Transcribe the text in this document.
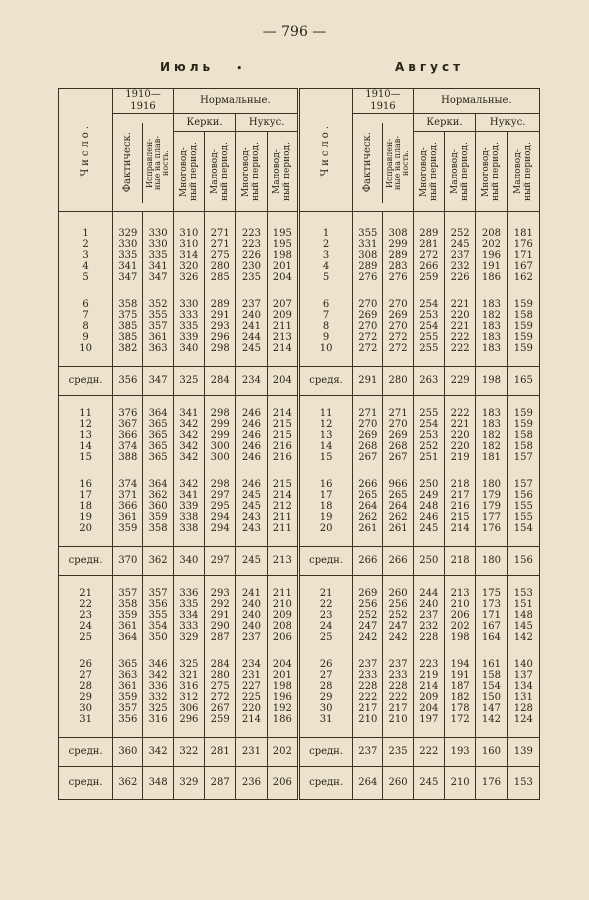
— 796 —
Июль •	Август
Число.
	1910—1916	Нормальные.	
Число.
	1910—1916	Нормальные.

Фактическ.	Исправлен-ные на плав-ность.
	Керки.	Нукус.	
Фактическ.	Исправлен-ные на плав-ность.
	Керки.	Нукус.

Многовод-ный период.	Маловод-ный период.	Многовод-ный период.	Маловод-ный период.	Многовод-ный период.	Маловод-ный период.	Многовод-ный период.	Маловод-ный период.

1	329	330	310	271	223	195	1	355	308	289	252	208	181
2	330	330	310	271	223	195	2	331	299	281	245	202	176
3	335	335	314	275	226	198	3	308	289	272	237	196	171
4	341	341	320	280	230	201	4	289	283	266	232	191	167
5	347	347	326	285	235	204	5	276	276	259	226	186	162

6	358	352	330	289	237	207	6	270	270	254	221	183	159
7	375	355	333	291	240	209	7	269	269	253	220	182	158
8	385	357	335	293	241	211	8	270	270	254	221	183	159
9	385	361	339	296	244	213	9	272	272	255	222	183	159
10	382	363	340	298	245	214	10	272	272	255	222	183	159

средн.	356	347	325	284	234	204	средя.	291	280	263	229	198	165

11	376	364	341	298	246	214	11	271	271	255	222	183	159
12	367	365	342	299	246	215	12	270	270	254	221	183	159
13	366	365	342	299	246	215	13	269	269	253	220	182	158
14	374	365	342	300	246	216	14	268	268	252	220	182	158
15	388	365	342	300	246	216	15	267	267	251	219	181	157

16	374	364	342	298	246	215	16	266	966	250	218	180	157
17	371	362	341	297	245	214	17	265	265	249	217	179	156
18	366	360	339	295	245	212	18	264	264	248	216	179	155
19	361	359	338	294	243	211	19	262	262	246	215	177	155
20	359	358	338	294	243	211	20	261	261	245	214	176	154

средн.	370	362	340	297	245	213	средн.	266	266	250	218	180	156

21	357	357	336	293	241	211	21	269	260	244	213	175	153
22	358	356	335	292	240	210	22	256	256	240	210	173	151
23	359	355	334	291	240	209	23	252	252	237	206	171	148
24	361	354	333	290	240	208	24	247	247	232	202	167	145
25	364	350	329	287	237	206	25	242	242	228	198	164	142

26	365	346	325	284	234	204	26	237	237	223	194	161	140
27	363	342	321	280	231	201	27	233	233	219	191	158	137
28	361	336	316	275	227	198	28	228	228	214	187	154	134
29	359	332	312	272	225	196	29	222	222	209	182	150	131
30	357	325	306	267	220	192	30	217	217	204	178	147	128
31	356	316	296	259	214	186	31	210	210	197	172	142	124

средн.	360	342	322	281	231	202	средн.	237	235	222	193	160	139
средн.	362	348	329	287	236	206	средн.	264	260	245	210	176	153
